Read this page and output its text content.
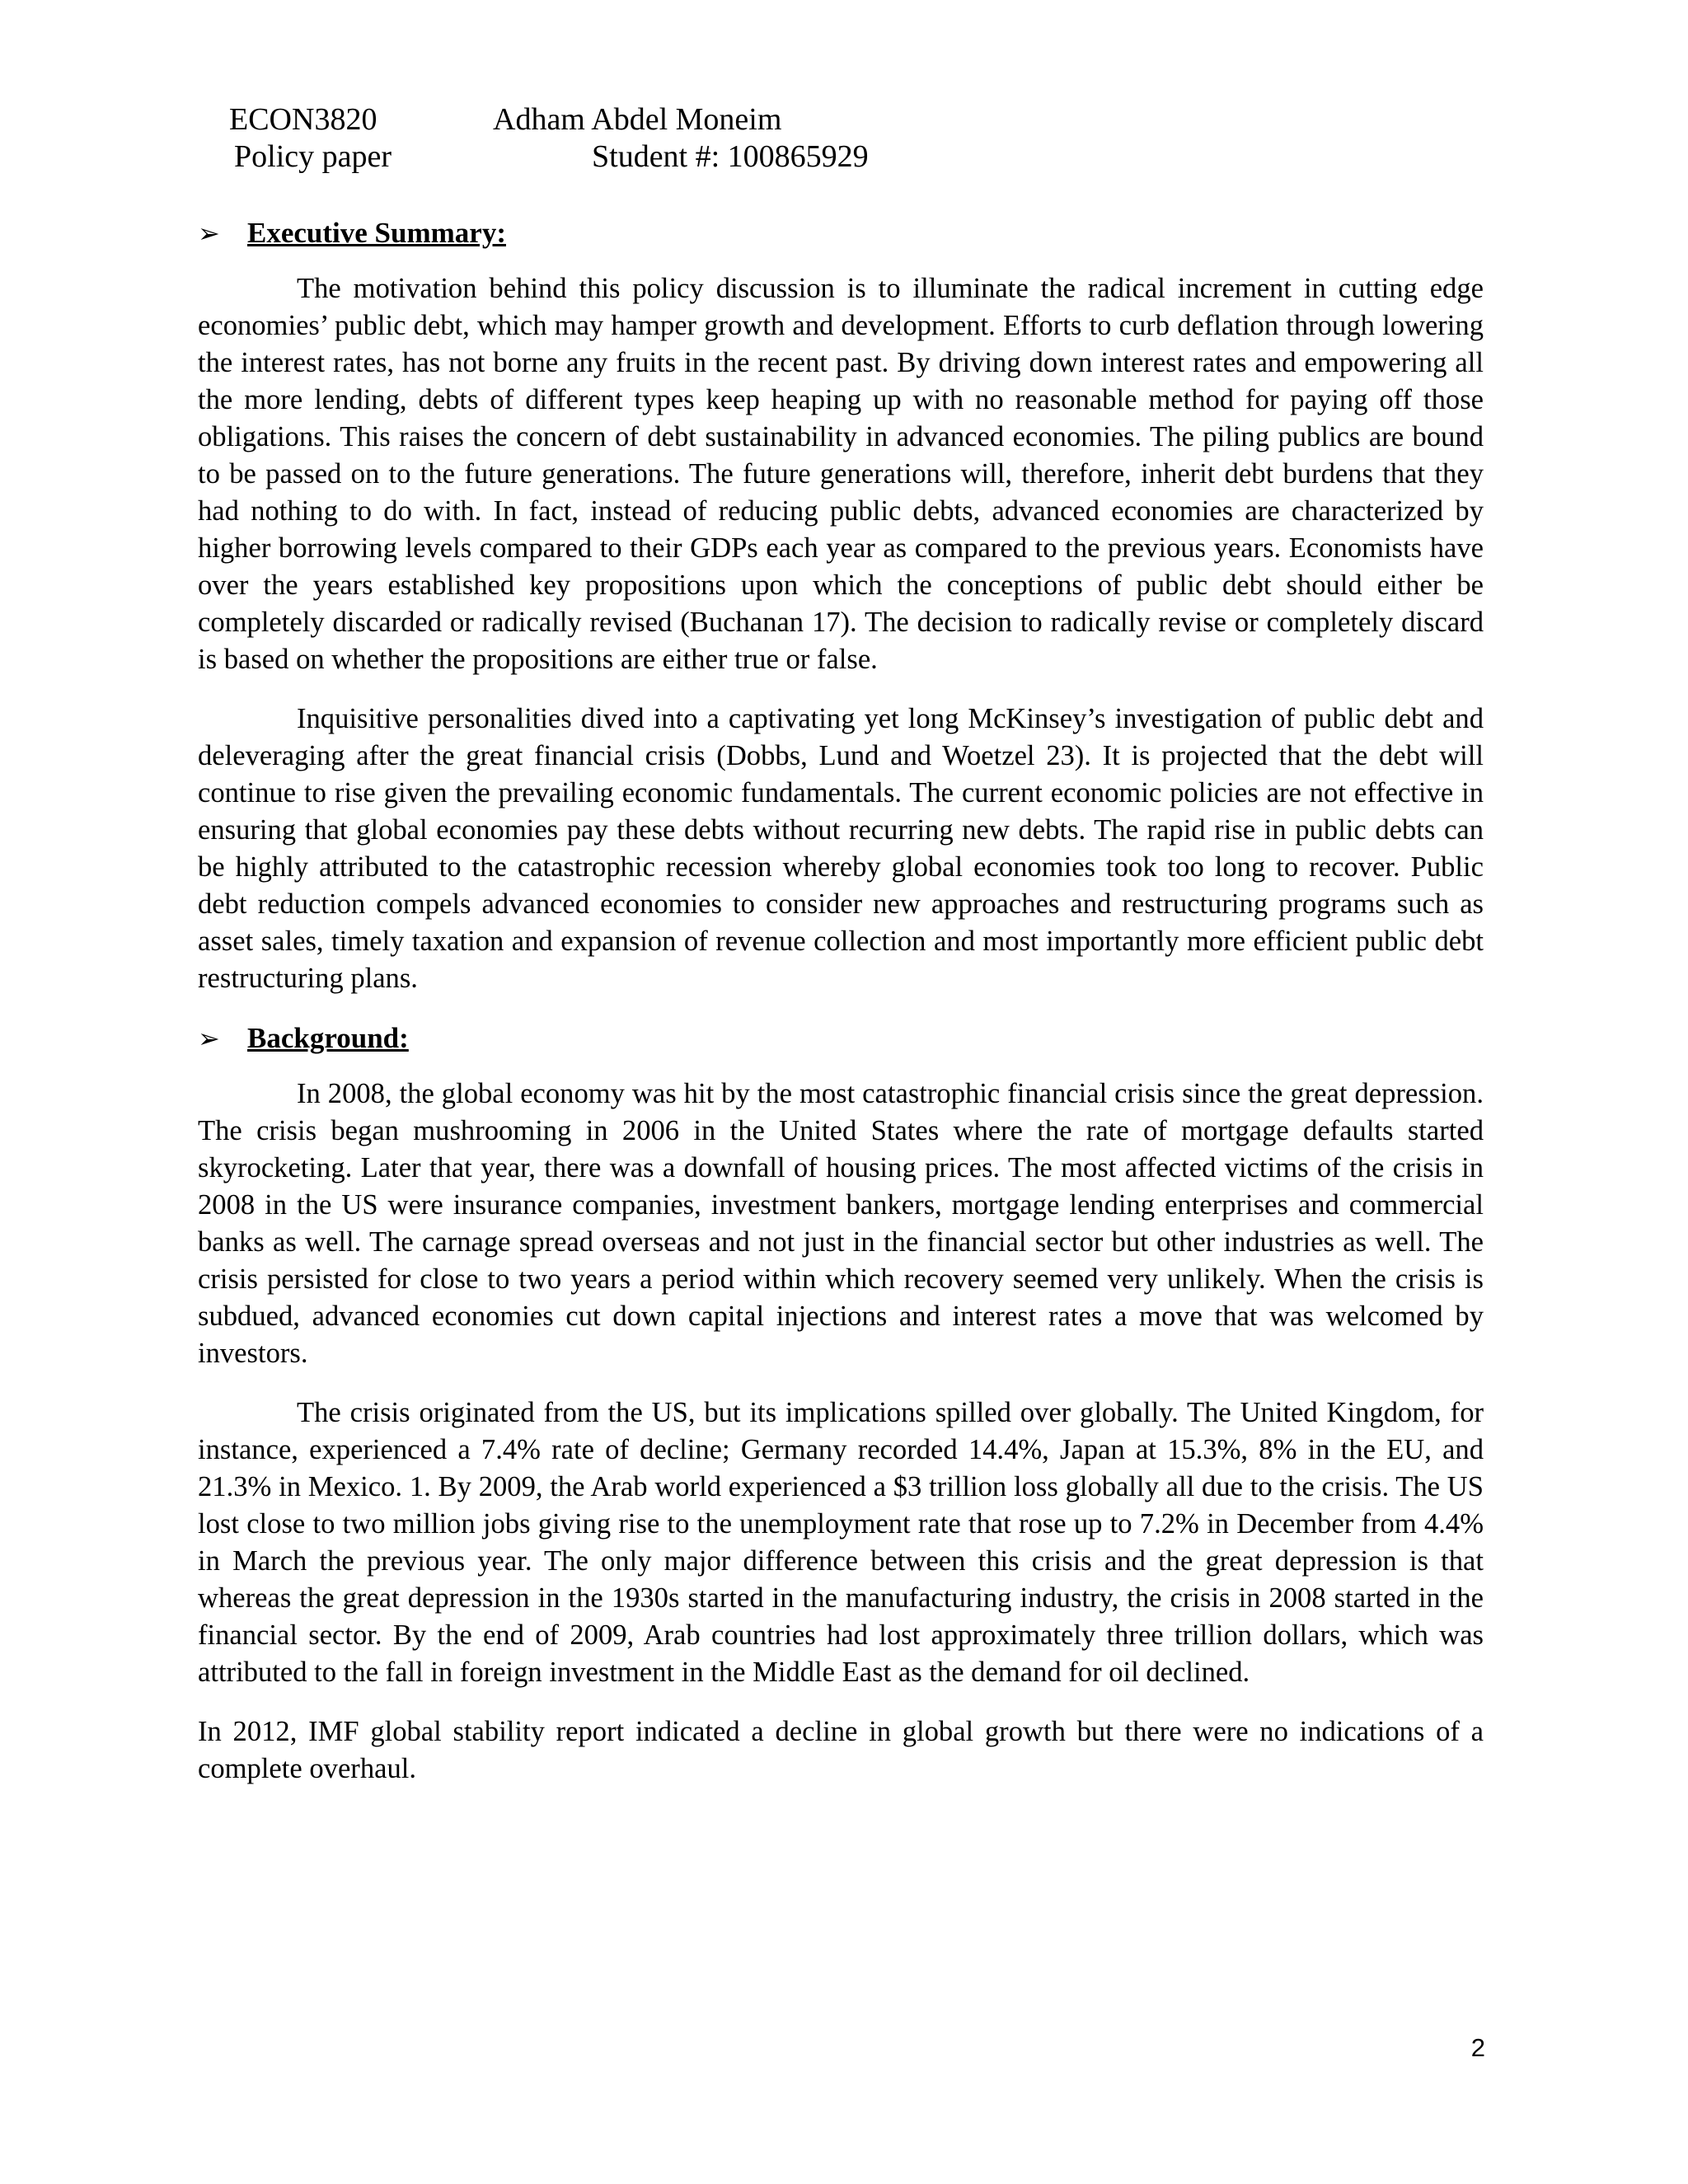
ECON3820	Adham Abdel Moneim
Policy paper	Student #: 100865929
➢ Executive Summary:

The motivation behind this policy discussion is to illuminate the radical increment in cutting edge economies’ public debt, which may hamper growth and development. Efforts to curb deflation through lowering the interest rates, has not borne any fruits in the recent past. By driving down interest rates and empowering all the more lending, debts of different types keep heaping up with no reasonable method for paying off those obligations. This raises the concern of debt sustainability in advanced economies. The piling publics are bound to be passed on to the future generations. The future generations will, therefore, inherit debt burdens that they had nothing to do with. In fact, instead of reducing public debts, advanced economies are characterized by higher borrowing levels compared to their GDPs each year as compared to the previous years. Economists have over the years established key propositions upon which the conceptions of public debt should either be completely discarded or radically revised (Buchanan 17). The decision to radically revise or completely discard is based on whether the propositions are either true or false.

Inquisitive personalities dived into a captivating yet long McKinsey’s investigation of public debt and deleveraging after the great financial crisis (Dobbs, Lund and Woetzel 23). It is projected that the debt will continue to rise given the prevailing economic fundamentals. The current economic policies are not effective in ensuring that global economies pay these debts without recurring new debts. The rapid rise in public debts can be highly attributed to the catastrophic recession whereby global economies took too long to recover. Public debt reduction compels advanced economies to consider new approaches and restructuring programs such as asset sales, timely taxation and expansion of revenue collection and most importantly more efficient public debt restructuring plans.

➢ Background:

In 2008, the global economy was hit by the most catastrophic financial crisis since the great depression. The crisis began mushrooming in 2006 in the United States where the rate of mortgage defaults started skyrocketing. Later that year, there was a downfall of housing prices. The most affected victims of the crisis in 2008 in the US were insurance companies, investment bankers, mortgage lending enterprises and commercial banks as well. The carnage spread overseas and not just in the financial sector but other industries as well. The crisis persisted for close to two years a period within which recovery seemed very unlikely. When the crisis is subdued, advanced economies cut down capital injections and interest rates a move that was welcomed by investors.

The crisis originated from the US, but its implications spilled over globally. The United Kingdom, for instance, experienced a 7.4% rate of decline; Germany recorded 14.4%, Japan at 15.3%, 8% in the EU, and 21.3% in Mexico. 1. By 2009, the Arab world experienced a $3 trillion loss globally all due to the crisis. The US lost close to two million jobs giving rise to the unemployment rate that rose up to 7.2% in December from 4.4% in March the previous year. The only major difference between this crisis and the great depression is that whereas the great depression in the 1930s started in the manufacturing industry, the crisis in 2008 started in the financial sector. By the end of 2009, Arab countries had lost approximately three trillion dollars, which was attributed to the fall in foreign investment in the Middle East as the demand for oil declined.

In 2012, IMF global stability report indicated a decline in global growth but there were no indications of a complete overhaul.

2
